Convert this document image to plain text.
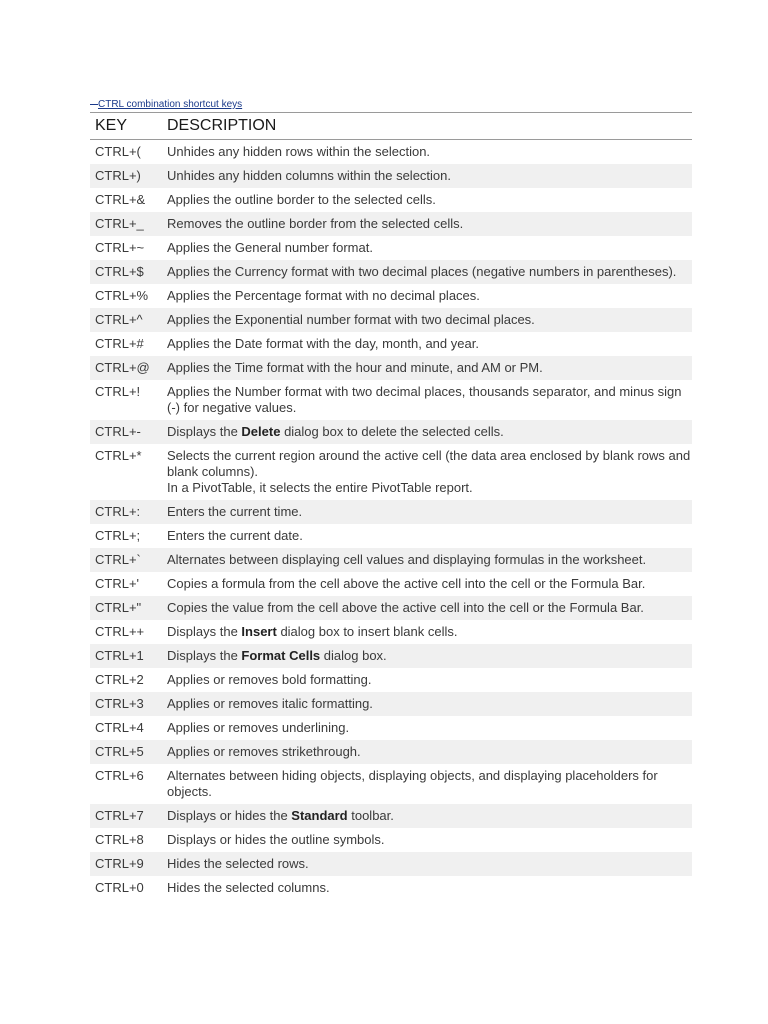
CTRL combination shortcut keys
KEY	DESCRIPTION
CTRL+(	Unhides any hidden rows within the selection.

CTRL+)	Unhides any hidden columns within the selection.

CTRL+&	Applies the outline border to the selected cells.

CTRL+_	Removes the outline border from the selected cells.

CTRL+~	Applies the General number format.

CTRL+$	Applies the Currency format with two decimal places (negative numbers in parentheses).

CTRL+%	Applies the Percentage format with no decimal places.

CTRL+^	Applies the Exponential number format with two decimal places.

CTRL+#	Applies the Date format with the day, month, and year.

CTRL+@	Applies the Time format with the hour and minute, and AM or PM.

CTRL+!	Applies the Number format with two decimal places, thousands separator, and minus sign (-) for negative values.

CTRL+-	Displays the Delete dialog box to delete the selected cells.

CTRL+*	Selects the current region around the active cell (the data area enclosed by blank rows and blank columns).
In a PivotTable, it selects the entire PivotTable report.

CTRL+:	Enters the current time.

CTRL+;	Enters the current date.

CTRL+`	Alternates between displaying cell values and displaying formulas in the worksheet.

CTRL+'	Copies a formula from the cell above the active cell into the cell or the Formula Bar.

CTRL+"	Copies the value from the cell above the active cell into the cell or the Formula Bar.

CTRL++	Displays the Insert dialog box to insert blank cells.

CTRL+1	Displays the Format Cells dialog box.

CTRL+2	Applies or removes bold formatting.

CTRL+3	Applies or removes italic formatting.

CTRL+4	Applies or removes underlining.

CTRL+5	Applies or removes strikethrough.

CTRL+6	Alternates between hiding objects, displaying objects, and displaying placeholders for objects.

CTRL+7	Displays or hides the Standard toolbar.

CTRL+8	Displays or hides the outline symbols.

CTRL+9	Hides the selected rows.

CTRL+0	Hides the selected columns.
